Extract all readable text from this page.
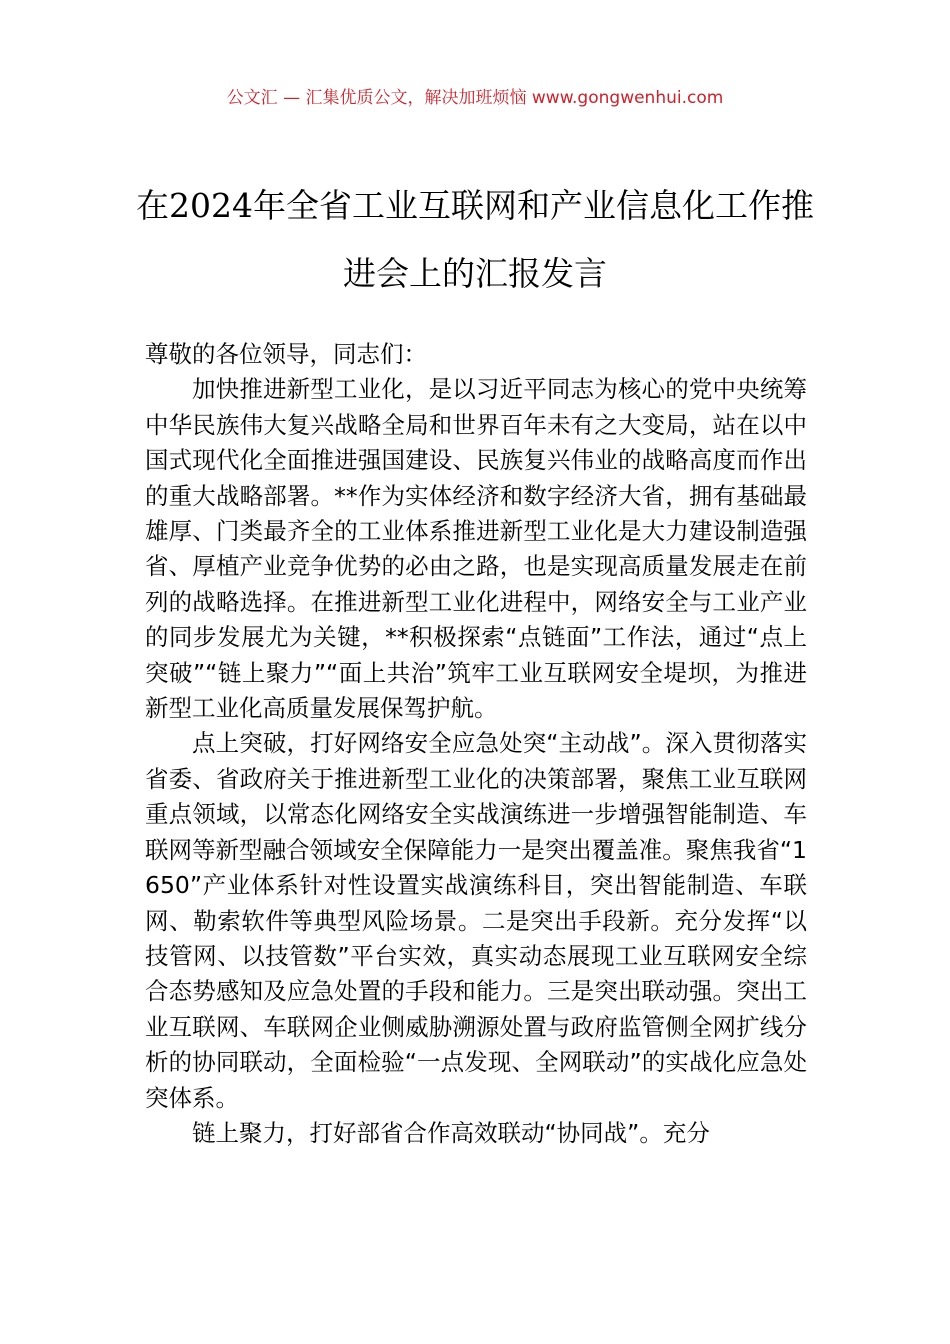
公文汇 — 汇集优质公文，解决加班烦恼 www.gongwenhui.com
在2024年全省工业互联网和产业信息化工作推进会上的汇报发言

尊敬的各位领导，同志们：

加快推进新型工业化，是以习近平同志为核心的党中央统筹中华民族伟大复兴战略全局和世界百年未有之大变局，站在以中国式现代化全面推进强国建设、民族复兴伟业的战略高度而作出的重大战略部署。**作为实体经济和数字经济大省，拥有基础最雄厚、门类最齐全的工业体系推进新型工业化是大力建设制造强省、厚植产业竞争优势的必由之路，也是实现高质量发展走在前列的战略选择。在推进新型工业化进程中，网络安全与工业产业的同步发展尤为关键，**积极探索“点链面”工作法，通过“点上突破”“链上聚力”“面上共治”筑牢工业互联网安全堤坝，为推进新型工业化高质量发展保驾护航。

点上突破，打好网络安全应急处突“主动战”。深入贯彻落实省委、省政府关于推进新型工业化的决策部署，聚焦工业互联网重点领域，以常态化网络安全实战演练进一步增强智能制造、车联网等新型融合领域安全保障能力一是突出覆盖准。聚焦我省“1650”产业体系针对性设置实战演练科目，突出智能制造、车联网、勒索软件等典型风险场景。二是突出手段新。充分发挥“以技管网、以技管数”平台实效，真实动态展现工业互联网安全综合态势感知及应急处置的手段和能力。三是突出联动强。突出工业互联网、车联网企业侧威胁溯源处置与政府监管侧全网扩线分析的协同联动，全面检验“一点发现、全网联动”的实战化应急处突体系。

链上聚力，打好部省合作高效联动“协同战”。充分
